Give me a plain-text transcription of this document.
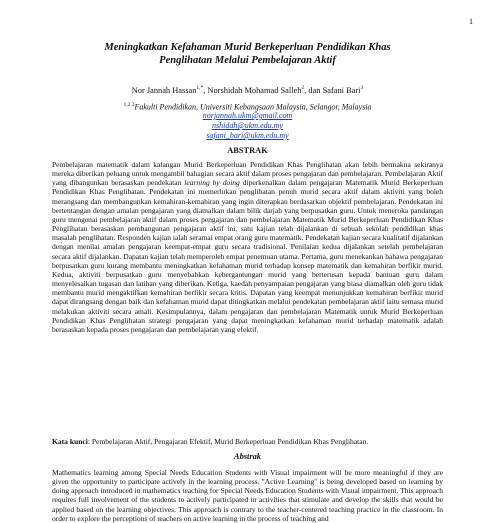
1
Meningkatkan Kefahaman Murid Berkeperluan Pendidikan Khas
Penglihatan Melalui Pembelajaran Aktif
Nor Jannah Hassan$^{1,*}$, Norshidah Mohamad Salleh$^2$, dan Safani Bari$^3$
$^{1,2,3}$Fakulti Pendidikan, Universiti Kebangsaan Malaysia, Selangor, Malaysia
norjannah.ukm@gmail.com
nshidah@ukm.edu.my
safani_bari@ukm.edu.my
ABSTRAK
Pembelajaran matematik dalam kalangan Murid Berkeperluan Pendidikan Khas Penglihatan akan lebih bermakna sekiranya mereka diberikan peluang untuk mengambil bahagian secara aktif dalam proses pengajaran dan pembelajaran. Pembelajaran Aktif yang dibangunkan berasaskan pendekatan learning by doing diperkenalkan dalam pengajaran Matematik Murid Berkeperluan Pendidikan Khas Penglihatan. Pendekatan ini memerlukan penglibatan penuh murid secara aktif dalam aktiviti yang boleh merangsang dan membangunkan kemahiran-kemahiran yang ingin diterapkan berdasarkan objektif pembelajaran. Pendekatan ini bertentangan dengan amalan pengajaran yang diamalkan dalam bilik darjah yang berpusatkan guru. Untuk meneroka pandangan guru mengenai pembelajaran aktif dalam proses pengajaran dan pembelajaran Matematik Murid Berkeperluan Pendidikan Khas Penglihatan berasaskan pembangunan pengajaran aktif ini, satu kajian telah dijalankan di sebuah sekolah pendidikan khas masalah penglihatan. Responden kajian ialah seramai empat orang guru matematik. Pendekatan kajian secara kualitatif dijalankan dengan menilai amalan pengajaran keempat-empat guru secara tradisional. Penilaian kedua dijalankan setelah pembelajaran secara aktif dijalankan. Dapatan kajian telah memperoleh empat penemuan utama. Pertama, guru menekankan bahawa pengajaran berpusatkan guru kurang membantu meningkatkan kefahaman murid terhadap konsep matematik dan kemahiran berfikir murid. Kedua, aktiviti berpusatkan guru menyebabkan kebergantungan murid yang berterusan kepada bantuan guru dalam menyelesaikan tugasan dan latihan yang diberikan. Ketiga, kaedah penyampaian pengajaran yang biasa diamalkan oleh guru tidak membantu murid mengaktifkan kemahiran berfikir secara kritis. Dapatan yang keempat menunjukkan kemahiran berfikir murid dapat dirangsang dengan baik dan kefahaman murid dapat ditingkatkan melalui pendekatan pembelajaran aktif iaitu semasa murid melakukan aktiviti secara amali. Kesimpulannya, dalam pengajaran dan pembelajaran Matematik untuk Murid Berkeperluan Pendidikan Khas Penglihatan strategi pengajaran yang dapat meningkatkan kefahaman murid terhadap matematik adalah berasaskan kepada proses pengajaran dan pembelajaran yang efektif.
Kata kunci: Pembelajaran Aktif, Pengajaran Efektif, Murid Berkeperluan Pendidikan Khas Penglihatan.
Abstrak
Mathematics learning among Special Needs Education Students with Visual impairment will be more meaningful if they are given the opportunity to participate actively in the learning process. "Active Learning" is being developed based on learning by doing approach introduced in mathematics teaching for Special Needs Education Students with Visual impairment. This approach requires full involvement of the students to actively participated in activities that stimulate and develop the skills that would be applied based on the learning objectives. This approach is contrary to the teacher-centered teaching practice in the classroom. In order to explore the perceptions of teachers on active learning in the process of teaching and
